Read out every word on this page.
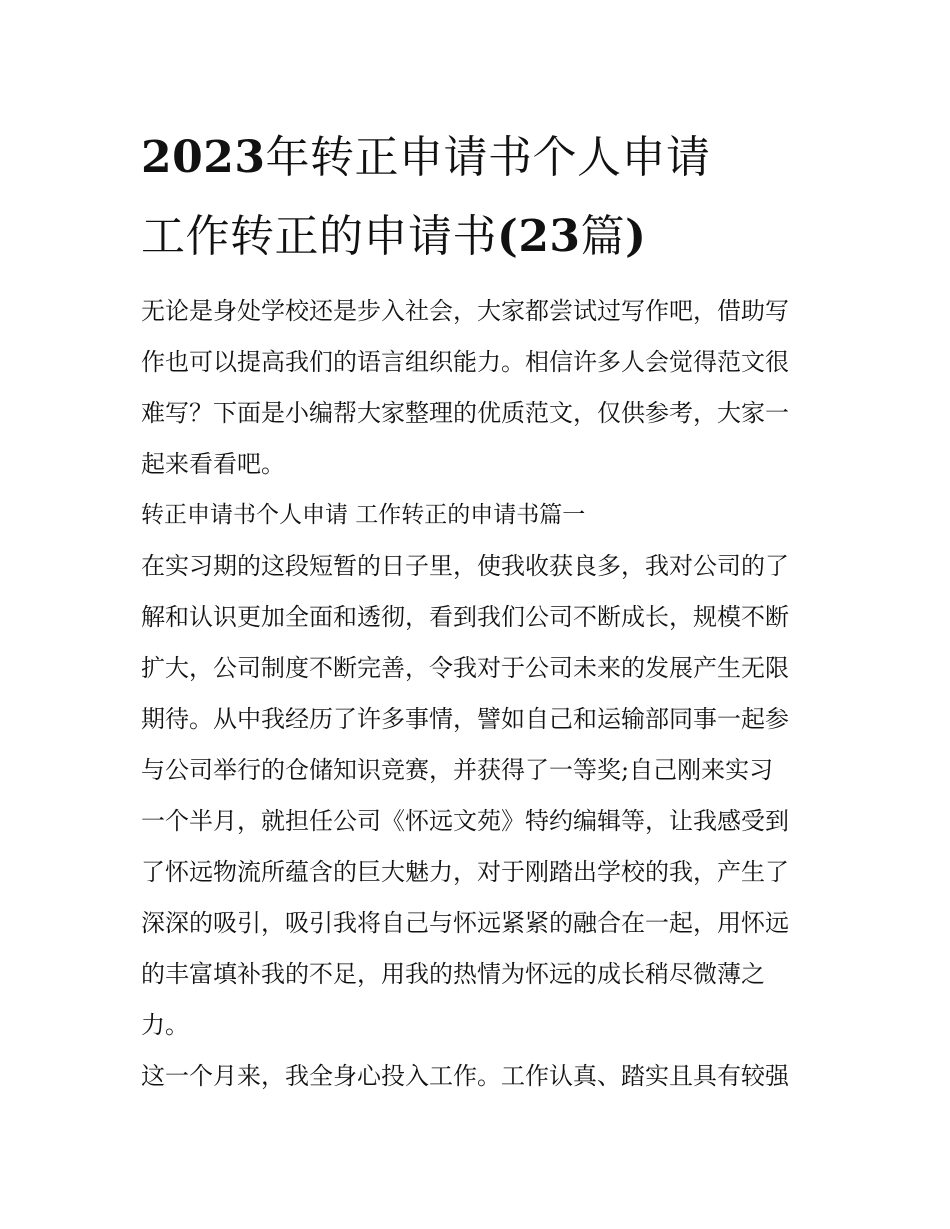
2023年转正申请书个人申请
工作转正的申请书(23篇)
无论是身处学校还是步入社会，大家都尝试过写作吧，借助写
作也可以提高我们的语言组织能力。相信许多人会觉得范文很
难写？下面是小编帮大家整理的优质范文，仅供参考，大家一
起来看看吧。
转正申请书个人申请 工作转正的申请书篇一
在实习期的这段短暂的日子里，使我收获良多，我对公司的了
解和认识更加全面和透彻，看到我们公司不断成长，规模不断
扩大，公司制度不断完善，令我对于公司未来的发展产生无限
期待。从中我经历了许多事情，譬如自己和运输部同事一起参
与公司举行的仓储知识竞赛，并获得了一等奖;自己刚来实习
一个半月，就担任公司《怀远文苑》特约编辑等，让我感受到
了怀远物流所蕴含的巨大魅力，对于刚踏出学校的我，产生了
深深的吸引，吸引我将自己与怀远紧紧的融合在一起，用怀远
的丰富填补我的不足，用我的热情为怀远的成长稍尽微薄之
力。
这一个月来，我全身心投入工作。工作认真、踏实且具有较强
